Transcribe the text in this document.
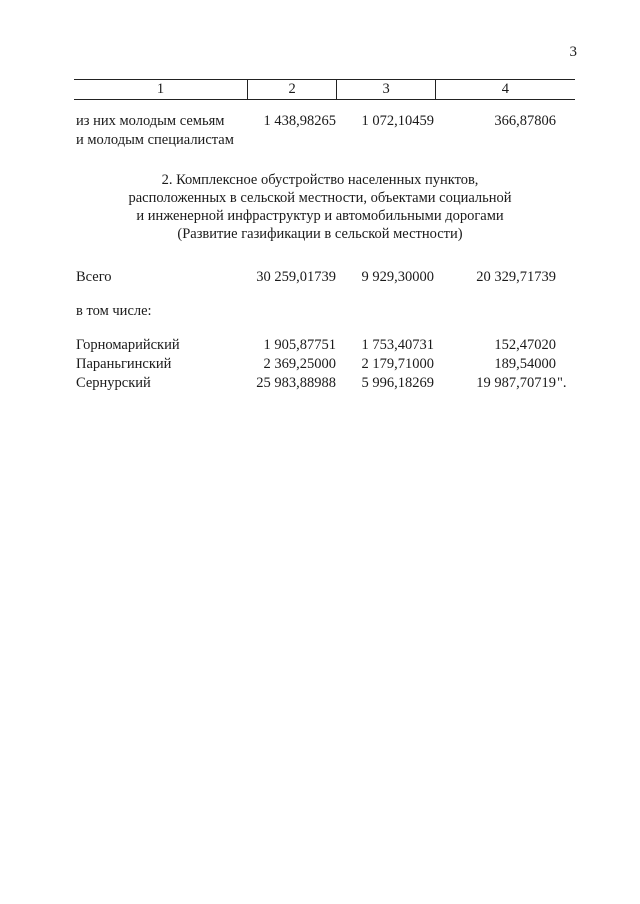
3
1	2	3	4
из них молодым семьям	1 438,98265 1 072,10459	366,87806
и молодым специалистам
2. Комплексное обустройство населенных пунктов,
расположенных в сельской местности, объектами социальной
и инженерной инфраструктур и автомобильными дорогами
(Развитие газификации в сельской местности)
Всего	30 259,01739 9 929,30000	20 329,71739
в том числе:
Горномарийский	1 905,87751 1 753,40731	152,47020
Параньгинский	2 369,25000 2 179,71000	189,54000
Сернурский	25 983,88988 5 996,18269	19 987,70719 ".
